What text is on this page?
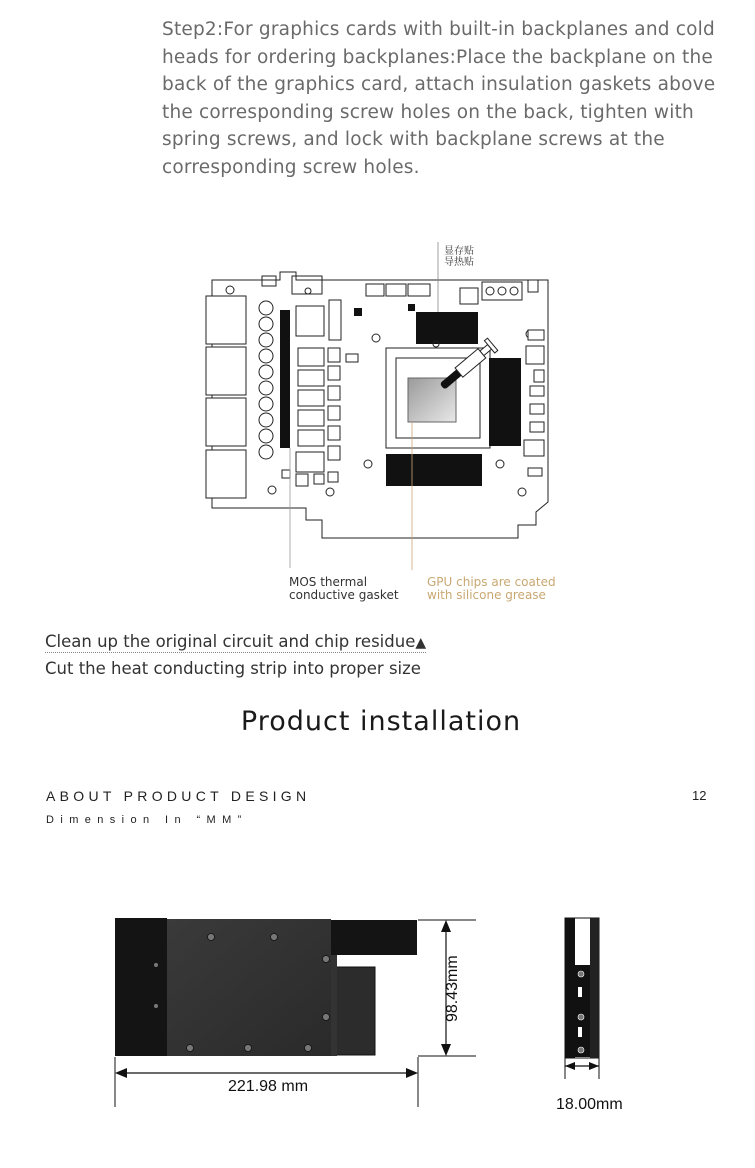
Step2:For graphics cards with built-in backplanes and cold heads for ordering backplanes:Place the backplane on the back of the graphics card, attach insulation gaskets above the corresponding screw holes on the back, tighten with spring screws, and lock with backplane screws at the corresponding screw holes.

显存贴
导热贴
MOS thermal
conductive gasket
GPU chips are coated
with silicone grease
Clean up the original circuit and chip residue▲
Cut the heat conducting strip into proper size
Product installation
ABOUT PRODUCT DESIGN	12
Dimension In “MM”
221.98 mm
98.43mm
18.00mm
